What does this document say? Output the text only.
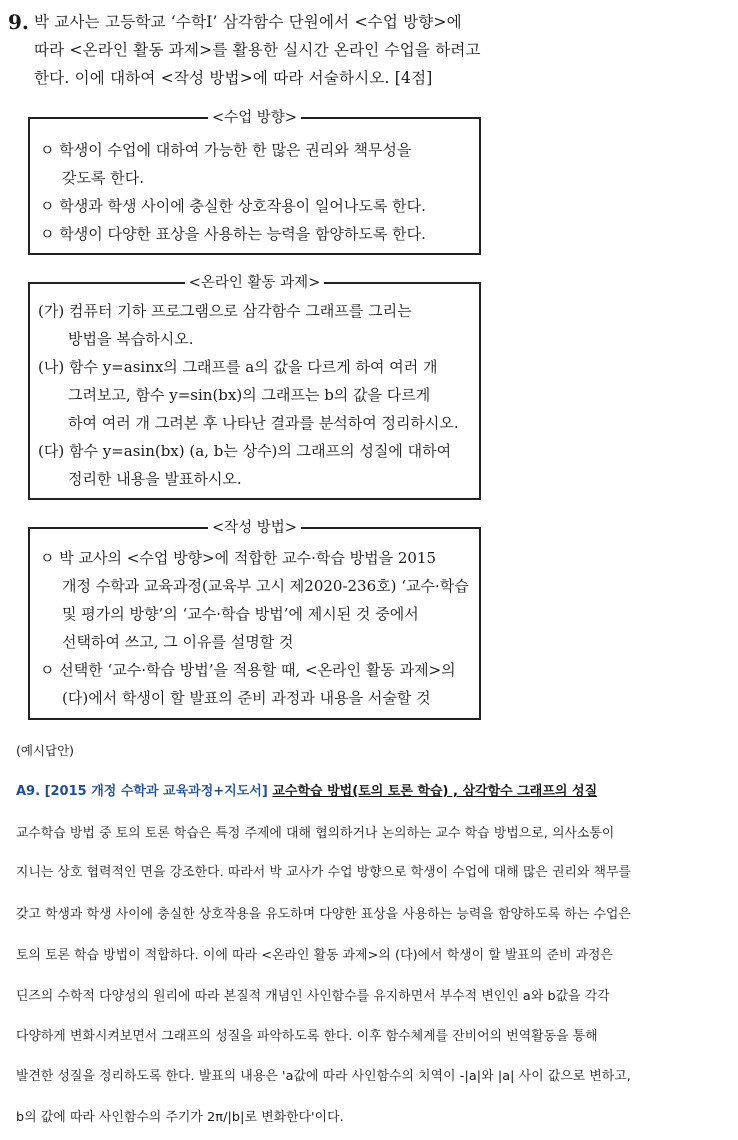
9. 박 교사는 고등학교 ‘수학Ⅰ’ 삼각함수 단원에서 <수업 방향>에
따라 <온라인 활동 과제>를 활용한 실시간 온라인 수업을 하려고
한다. 이에 대하여 <작성 방법>에 따라 서술하시오. [4점]
<수업 방향>
ㅇ 학생이 수업에 대하여 가능한 한 많은 권리와 책무성을
갖도록 한다.
ㅇ 학생과 학생 사이에 충실한 상호작용이 일어나도록 한다.
ㅇ 학생이 다양한 표상을 사용하는 능력을 함양하도록 한다.
<온라인 활동 과제>
(가) 컴퓨터 기하 프로그램으로 삼각함수 그래프를 그리는
방법을 복습하시오.
(나) 함수 y=asinx의 그래프를 a의 값을 다르게 하여 여러 개
그려보고, 함수 y=sin(bx)의 그래프는 b의 값을 다르게
하여 여러 개 그려본 후 나타난 결과를 분석하여 정리하시오.
(다) 함수 y=asin(bx) (a, b는 상수)의 그래프의 성질에 대하여
정리한 내용을 발표하시오.
<작성 방법>
ㅇ 박 교사의 <수업 방향>에 적합한 교수·학습 방법을 2015
개정 수학과 교육과정(교육부 고시 제2020-236호) ‘교수·학습
및 평가의 방향’의 ‘교수·학습 방법’에 제시된 것 중에서
선택하여 쓰고, 그 이유를 설명할 것
ㅇ 선택한 ‘교수·학습 방법’을 적용할 때, <온라인 활동 과제>의
(다)에서 학생이 할 발표의 준비 과정과 내용을 서술할 것
(예시답안)
A9. [2015 개정 수학과 교육과정+지도서] 교수학습 방법(토의 토론 학습) , 삼각함수 그래프의 성질
교수학습 방법 중 토의 토론 학습은 특정 주제에 대해 협의하거나 논의하는 교수 학습 방법으로, 의사소통이
지니는 상호 협력적인 면을 강조한다. 따라서 박 교사가 수업 방향으로 학생이 수업에 대해 많은 권리와 책무를
갖고 학생과 학생 사이에 충실한 상호작용을 유도하며 다양한 표상을 사용하는 능력을 함양하도록 하는 수업은
토의 토론 학습 방법이 적합하다. 이에 따라 <온라인 활동 과제>의 (다)에서 학생이 할 발표의 준비 과정은
딘즈의 수학적 다양성의 원리에 따라 본질적 개념인 사인함수를 유지하면서 부수적 변인인 a와 b값을 각각
다양하게 변화시켜보면서 그래프의 성질을 파악하도록 한다. 이후 함수체계를 잔비어의 번역활동을 통해
발견한 성질을 정리하도록 한다. 발표의 내용은 'a값에 따라 사인함수의 치역이 -|a|와 |a| 사이 값으로 변하고,
b의 값에 따라 사인함수의 주기가 2π/|b|로 변화한다'이다.
